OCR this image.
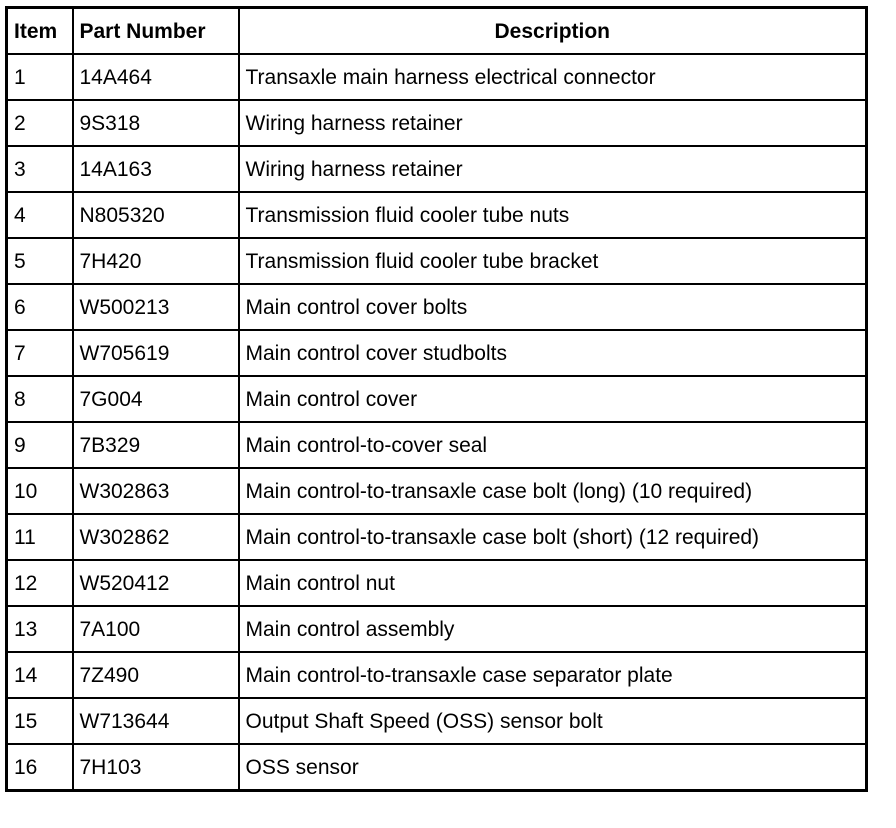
Item	Part Number	Description
1	14A464	Transaxle main harness electrical connector
2	9S318	Wiring harness retainer
3	14A163	Wiring harness retainer
4	N805320	Transmission fluid cooler tube nuts
5	7H420	Transmission fluid cooler tube bracket
6	W500213	Main control cover bolts
7	W705619	Main control cover studbolts
8	7G004	Main control cover
9	7B329	Main control-to-cover seal
10	W302863	Main control-to-transaxle case bolt (long) (10 required)
11	W302862	Main control-to-transaxle case bolt (short) (12 required)
12	W520412	Main control nut
13	7A100	Main control assembly
14	7Z490	Main control-to-transaxle case separator plate
15	W713644	Output Shaft Speed (OSS) sensor bolt
16	7H103	OSS sensor
